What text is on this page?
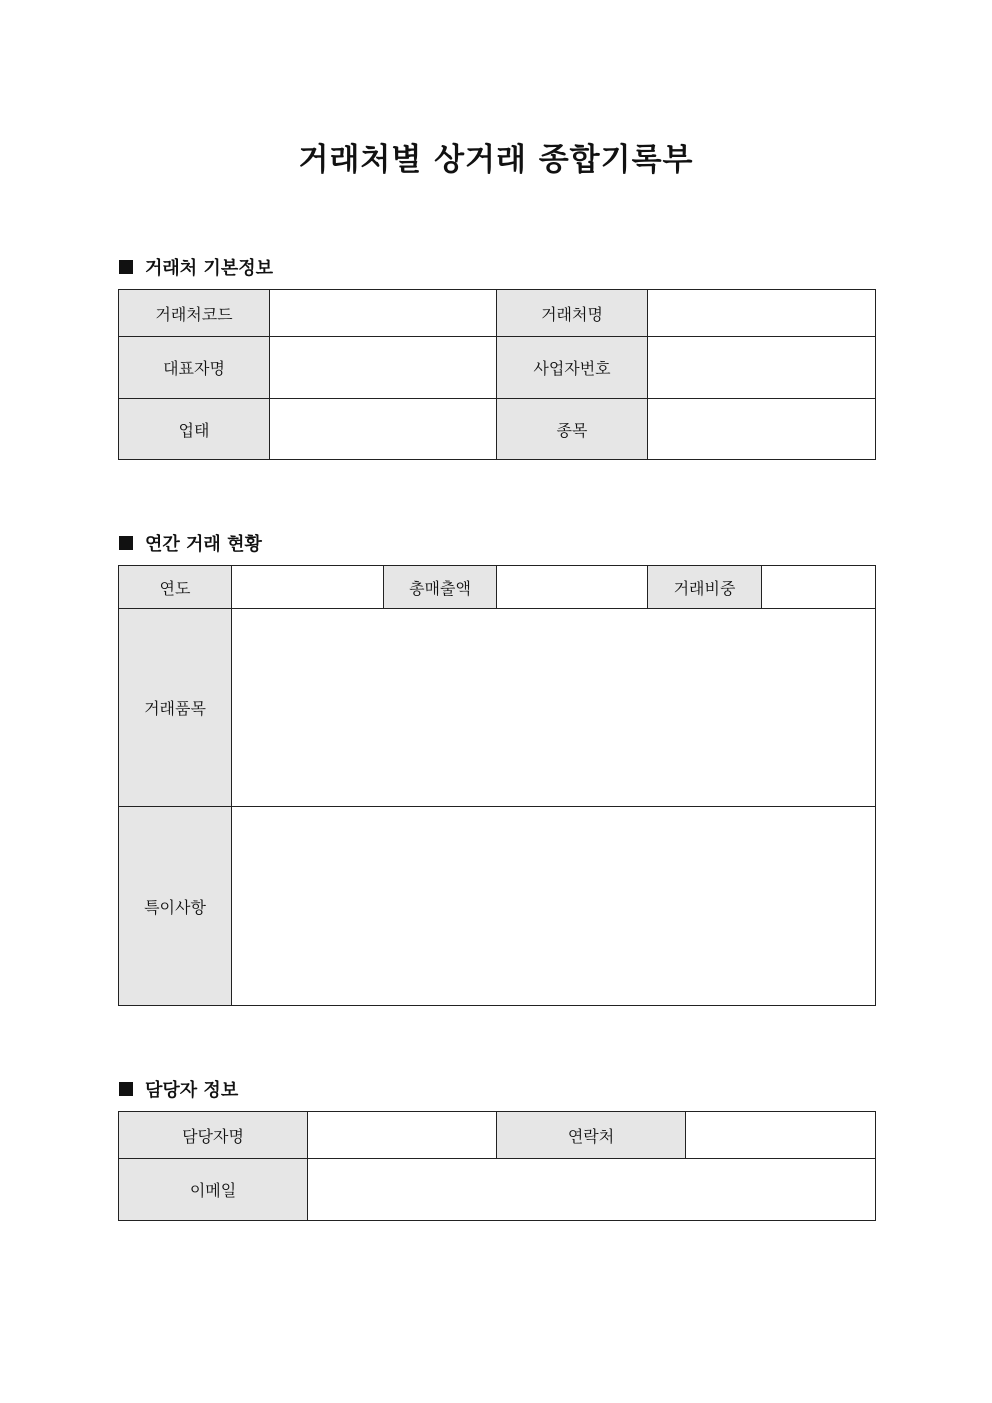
거래처별 상거래 종합기록부
거래처 기본정보
거래처코드		거래처명	
대표자명		사업자번호	
업태		종목	
연간 거래 현황
연도		총매출액		거래비중	
거래품목					
특이사항					
담당자 정보
담당자명		연락처	
이메일			
